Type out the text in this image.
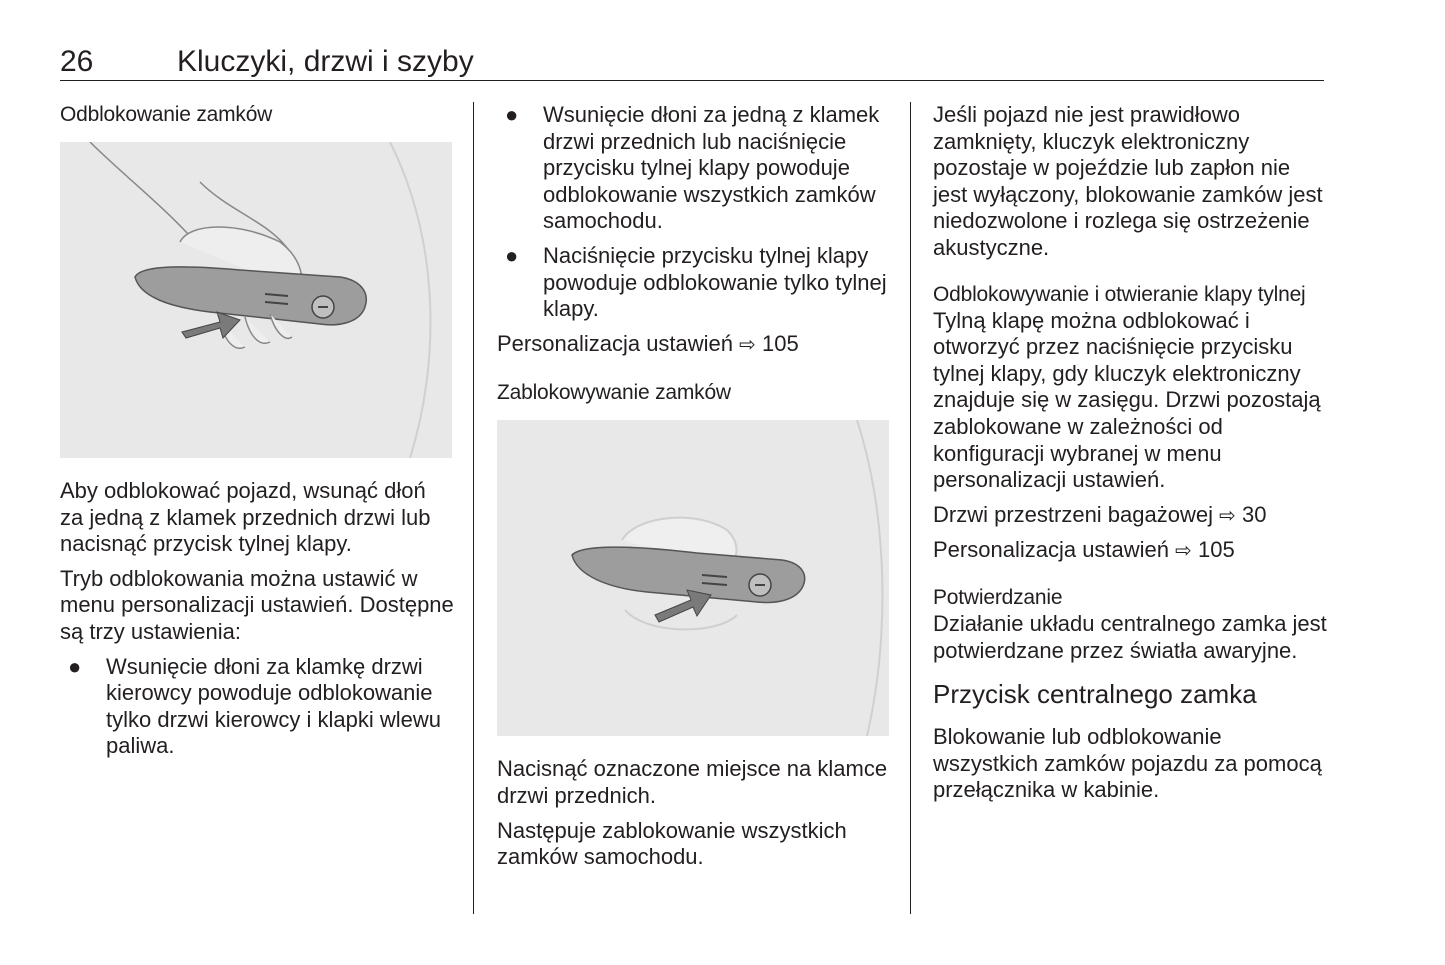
26	Kluczyki, drzwi i szyby
Odblokowanie zamków

Aby odblokować pojazd, wsunąć dłoń za jedną z klamek przednich drzwi lub nacisnąć przycisk tylnej klapy.

Tryb odblokowania można ustawić w menu personalizacji ustawień. Dostępne są trzy ustawienia:

● Wsunięcie dłoni za klamkę drzwi kierowcy powoduje odblokowanie tylko drzwi kierowcy i klapki wlewu paliwa.
● Wsunięcie dłoni za jedną z klamek drzwi przednich lub naciśnięcie przycisku tylnej klapy powoduje odblokowanie wszystkich zamków samochodu.
● Naciśnięcie przycisku tylnej klapy powoduje odblokowanie tylko tylnej klapy.

Personalizacja ustawień ⇨ 105

Zablokowywanie zamków

Nacisnąć oznaczone miejsce na klamce drzwi przednich.

Następuje zablokowanie wszystkich zamków samochodu.

Jeśli pojazd nie jest prawidłowo zamknięty, kluczyk elektroniczny pozostaje w pojeździe lub zapłon nie jest wyłączony, blokowanie zamków jest niedozwolone i rozlega się ostrzeżenie akustyczne.

Odblokowywanie i otwieranie klapy tylnej

Tylną klapę można odblokować i otworzyć przez naciśnięcie przycisku tylnej klapy, gdy kluczyk elektroniczny znajduje się w zasięgu. Drzwi pozostają zablokowane w zależności od konfiguracji wybranej w menu personalizacji ustawień.

Drzwi przestrzeni bagażowej ⇨ 30

Personalizacja ustawień ⇨ 105

Potwierdzanie

Działanie układu centralnego zamka jest potwierdzane przez światła awaryjne.

Przycisk centralnego zamka

Blokowanie lub odblokowanie wszystkich zamków pojazdu za pomocą przełącznika w kabinie.
